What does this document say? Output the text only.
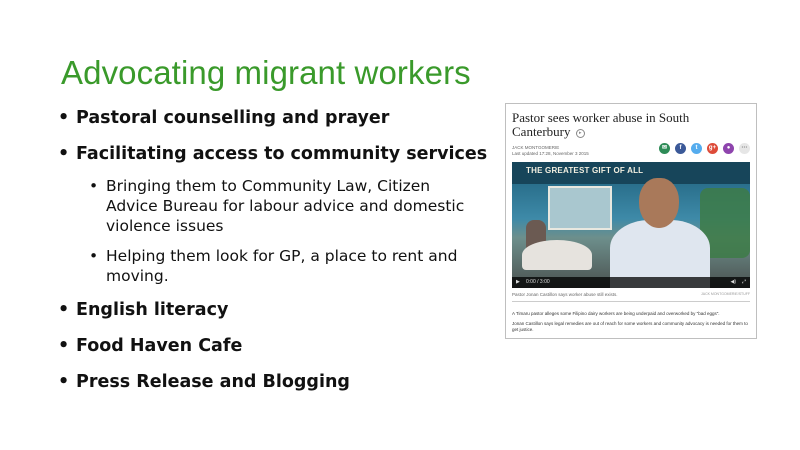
Advocating migrant workers
• Pastoral counselling and prayer
• Facilitating access to community services
• Bringing them to Community Law, Citizen
Advice Bureau for labour advice and domestic
violence issues
• Helping them look for GP, a place to rent and
moving.
• English literacy
• Food Haven Cafe
• Press Release and Blogging
Pastor sees worker abuse in South Canterbury ▸
JACK MONTGOMERIE
Last updated 17:28, November 3 2015
✉	f	t	g+	●	···
THE GREATEST GIFT OF ALL
▶ 0:00 / 3:00	◀) ⤢
Pastor Jonan Castillon says worker abuse still exists.	JACK MONTGOMERIE/STUFF
A Timaru pastor alleges some Filipino dairy workers are being underpaid and overworked by "bad eggs".
Jonan Castillon says legal remedies are out of reach for some workers and community advocacy is needed for them to get justice.
